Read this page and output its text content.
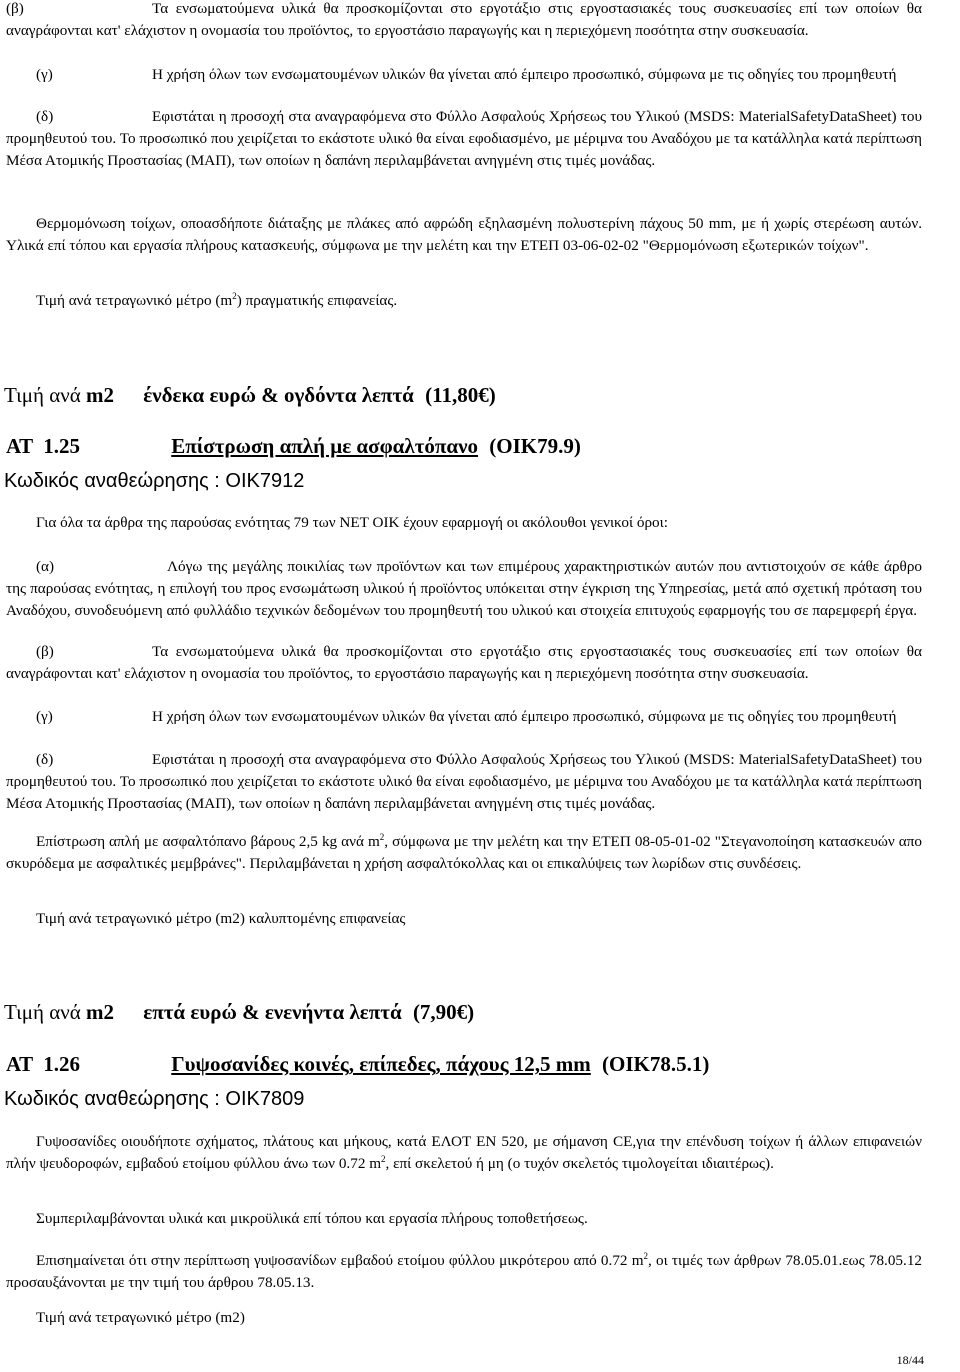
(β)	Τα ενσωματούμενα υλικά θα προσκομίζονται στο εργοτάξιο στις εργοστασιακές τους συσκευασίες επί των οποίων θα αναγράφονται κατ' ελάχιστον η ονομασία του προϊόντος, το εργοστάσιο παραγωγής και η περιεχόμενη ποσότητα στην συσκευασία.

(γ)	Η χρήση όλων των ενσωματουμένων υλικών θα γίνεται από έμπειρο προσωπικό, σύμφωνα με τις οδηγίες του προμηθευτή

(δ)	Εφιστάται η προσοχή στα αναγραφόμενα στο Φύλλο Ασφαλούς Χρήσεως του Υλικού (MSDS: MaterialSafetyDataSheet) του προμηθευτού του. Το προσωπικό που χειρίζεται το εκάστοτε υλικό θα είναι εφοδιασμένο, με μέριμνα του Αναδόχου με τα κατάλληλα κατά περίπτωση Μέσα Ατομικής Προστασίας (ΜΑΠ), των οποίων η δαπάνη περιλαμβάνεται ανηγμένη στις τιμές μονάδας.

Θερμομόνωση τοίχων, οποασδήποτε διάταξης με πλάκες από αφρώδη εξηλασμένη πολυστερίνη πάχους 50 mm, με ή χωρίς στερέωση αυτών. Υλικά επί τόπου και εργασία πλήρους κατασκευής, σύμφωνα με την μελέτη και την ΕΤΕΠ 03-06-02-02 "Θερμομόνωση εξωτερικών τοίχων".

Τιμή ανά τετραγωνικό μέτρο $(m^2)$ πραγματικής επιφανείας.

Τιμή ανά m2 ένδεκα ευρώ & ογδόντα λεπτά (11,80€)
ΑΤ  1.25	Επίστρωση απλή με ασφαλτόπανο (ΟΙΚ79.9)
Κωδικός αναθεώρησης : ΟΙΚ7912

Για όλα τα άρθρα της παρούσας ενότητας 79 των ΝΕΤ ΟΙΚ έχουν εφαρμογή οι ακόλουθοι γενικοί όροι:

(α)	Λόγω της μεγάλης ποικιλίας των προϊόντων και των επιμέρους χαρακτηριστικών αυτών που αντιστοιχούν σε κάθε άρθρο της παρούσας ενότητας, η επιλογή του προς ενσωμάτωση υλικού ή προϊόντος υπόκειται στην έγκριση της Υπηρεσίας, μετά από σχετική πρόταση του Αναδόχου, συνοδευόμενη από φυλλάδιο τεχνικών δεδομένων του προμηθευτή του υλικού και στοιχεία επιτυχούς εφαρμογής του σε παρεμφερή έργα.

(β)	Τα ενσωματούμενα υλικά θα προσκομίζονται στο εργοτάξιο στις εργοστασιακές τους συσκευασίες επί των οποίων θα αναγράφονται κατ' ελάχιστον η ονομασία του προϊόντος, το εργοστάσιο παραγωγής και η περιεχόμενη ποσότητα στην συσκευασία.

(γ)	Η χρήση όλων των ενσωματουμένων υλικών θα γίνεται από έμπειρο προσωπικό, σύμφωνα με τις οδηγίες του προμηθευτή

(δ)	Εφιστάται η προσοχή στα αναγραφόμενα στο Φύλλο Ασφαλούς Χρήσεως του Υλικού (MSDS: MaterialSafetyDataSheet) του προμηθευτού του. Το προσωπικό που χειρίζεται το εκάστοτε υλικό θα είναι εφοδιασμένο, με μέριμνα του Αναδόχου με τα κατάλληλα κατά περίπτωση Μέσα Ατομικής Προστασίας (ΜΑΠ), των οποίων η δαπάνη περιλαμβάνεται ανηγμένη στις τιμές μονάδας.

Επίστρωση απλή με ασφαλτόπανο βάρους 2,5 kg ανά $m^2$, σύμφωνα με την μελέτη και την ΕΤΕΠ 08-05-01-02 "Στεγανοποίηση κατασκευών απο σκυρόδεμα με ασφαλτικές μεμβράνες". Περιλαμβάνεται η χρήση ασφαλτόκολλας και οι επικαλύψεις των λωρίδων στις συνδέσεις.

Τιμή ανά τετραγωνικό μέτρο (m2) καλυπτομένης επιφανείας

Τιμή ανά m2 επτά ευρώ & ενενήντα λεπτά (7,90€)
ΑΤ  1.26	Γυψοσανίδες κοινές, επίπεδες, πάχους 12,5 mm (ΟΙΚ78.5.1)
Κωδικός αναθεώρησης : ΟΙΚ7809

Γυψοσανίδες οιουδήποτε σχήματος, πλάτους και μήκους, κατά ΕΛΟΤ ΕΝ 520, με σήμανση CE,για την επένδυση τοίχων ή άλλων επιφανειών πλήν ψευδοροφών, εμβαδού ετοίμου φύλλου άνω των 0.72 $m^2$, επί σκελετού ή μη (ο τυχόν σκελετός τιμολογείται ιδιαιτέρως).

Συμπεριλαμβάνονται υλικά και μικροϋλικά επί τόπου και εργασία πλήρους τοποθετήσεως.

Επισημαίνεται ότι στην περίπτωση γυψοσανίδων εμβαδού ετοίμου φύλλου μικρότερου από 0.72 $m^2$, οι τιμές των άρθρων 78.05.01.εως 78.05.12 προσαυξάνονται με την τιμή του άρθρου 78.05.13.

Τιμή ανά τετραγωνικό μέτρο (m2)

18/44
